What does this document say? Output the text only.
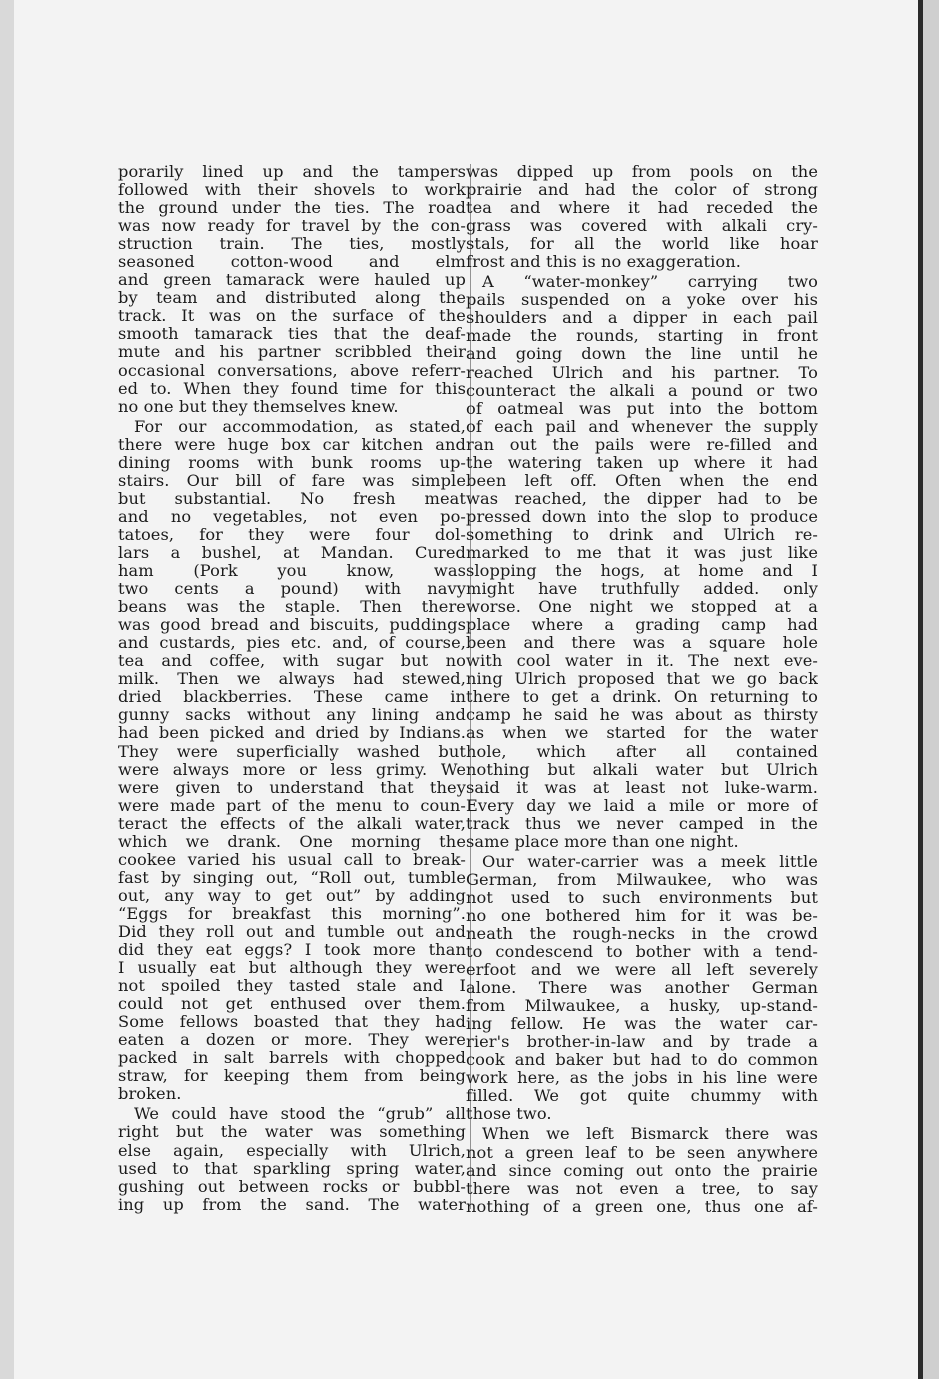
porarily lined up and the tampers
followed with their shovels to work
the ground under the ties. The road
was now ready for travel by the con-
struction train. The ties, mostly
seasoned cotton-wood and elm
and green tamarack were hauled up
by team and distributed along the
track. It was on the surface of the
smooth tamarack ties that the deaf-
mute and his partner scribbled their
occasional conversations, above referr-
ed to. When they found time for this
no one but they themselves knew.
For our accommodation, as stated,
there were huge box car kitchen and
dining rooms with bunk rooms up-
stairs. Our bill of fare was simple
but substantial. No fresh meat
and no vegetables, not even po-
tatoes, for they were four dol-
lars a bushel, at Mandan. Cured
ham (Pork you know, was
two cents a pound) with navy
beans was the staple. Then there
was good bread and biscuits, puddings
and custards, pies etc. and, of course,
tea and coffee, with sugar but no
milk. Then we always had stewed,
dried blackberries. These came in
gunny sacks without any lining and
had been picked and dried by Indians.
They were superficially washed but
were always more or less grimy. We
were given to understand that they
were made part of the menu to coun-
teract the effects of the alkali water,
which we drank. One morning the
cookee varied his usual call to break-
fast by singing out, “Roll out, tumble
out, any way to get out” by adding
“Eggs for breakfast this morning”.
Did they roll out and tumble out and
did they eat eggs? I took more than
I usually eat but although they were
not spoiled they tasted stale and I
could not get enthused over them.
Some fellows boasted that they had
eaten a dozen or more. They were
packed in salt barrels with chopped
straw, for keeping them from being
broken.
We could have stood the “grub” all
right but the water was something
else again, especially with Ulrich,
used to that sparkling spring water,
gushing out between rocks or bubbl-
ing up from the sand. The water
was dipped up from pools on the
prairie and had the color of strong
tea and where it had receded the
grass was covered with alkali cry-
stals, for all the world like hoar
frost and this is no exaggeration.
A “water-monkey” carrying two
pails suspended on a yoke over his
shoulders and a dipper in each pail
made the rounds, starting in front
and going down the line until he
reached Ulrich and his partner. To
counteract the alkali a pound or two
of oatmeal was put into the bottom
of each pail and whenever the supply
ran out the pails were re-filled and
the watering taken up where it had
been left off. Often when the end
was reached, the dipper had to be
pressed down into the slop to produce
something to drink and Ulrich re-
marked to me that it was just like
slopping the hogs, at home and I
might have truthfully added. only
worse. One night we stopped at a
place where a grading camp had
been and there was a square hole
with cool water in it. The next eve-
ning Ulrich proposed that we go back
there to get a drink. On returning to
camp he said he was about as thirsty
as when we started for the water
hole, which after all contained
nothing but alkali water but Ulrich
said it was at least not luke-warm.
Every day we laid a mile or more of
track thus we never camped in the
same place more than one night.
Our water-carrier was a meek little
German, from Milwaukee, who was
not used to such environments but
no one bothered him for it was be-
neath the rough-necks in the crowd
to condescend to bother with a tend-
erfoot and we were all left severely
alone. There was another German
from Milwaukee, a husky, up-stand-
ing fellow. He was the water car-
rier's brother-in-law and by trade a
cook and baker but had to do common
work here, as the jobs in his line were
filled. We got quite chummy with
those two.
When we left Bismarck there was
not a green leaf to be seen anywhere
and since coming out onto the prairie
there was not even a tree, to say
nothing of a green one, thus one af-
